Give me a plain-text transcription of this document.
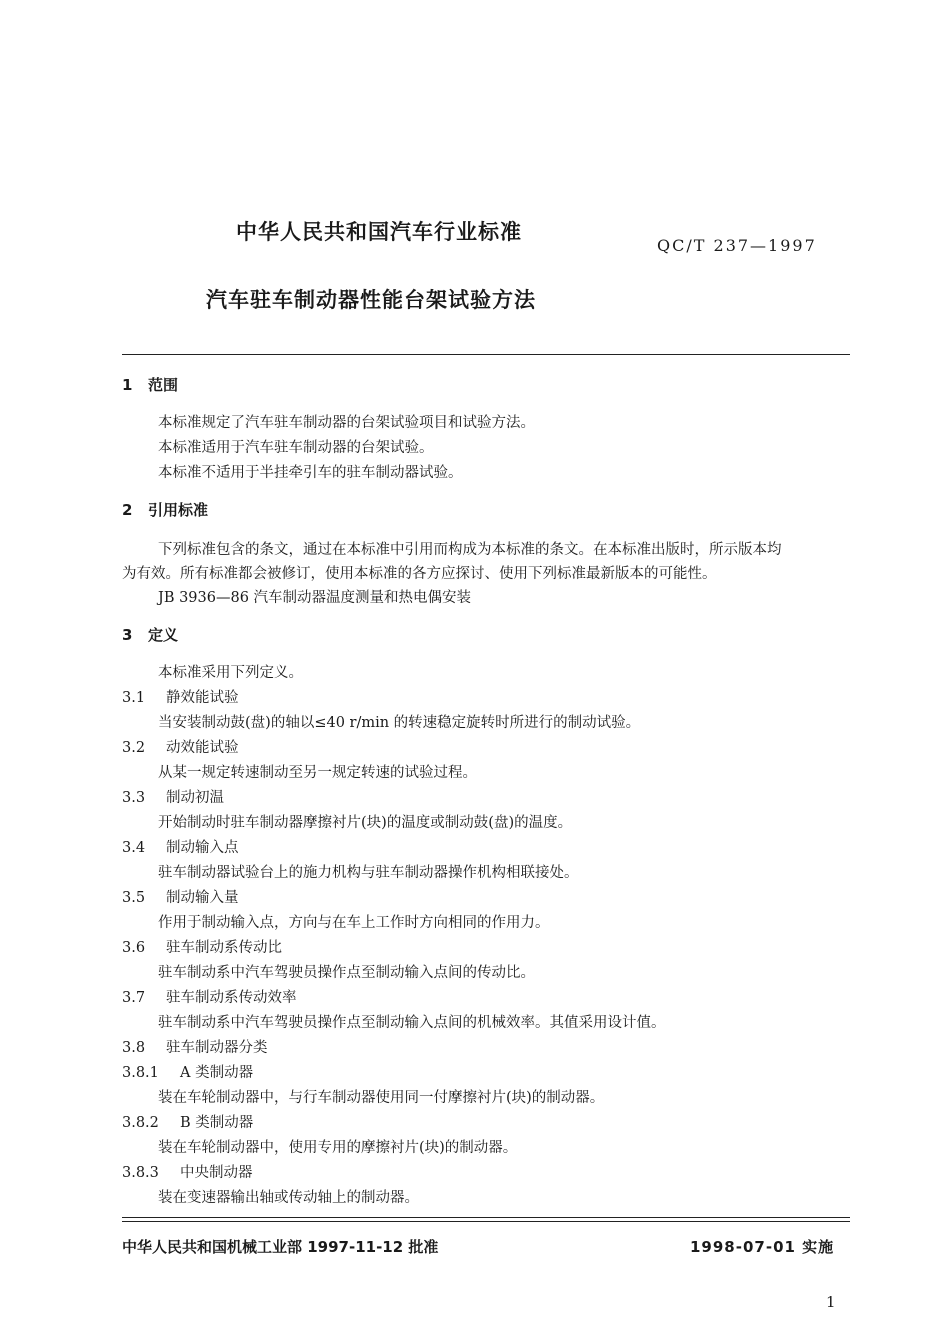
中华人民共和国汽车行业标准
QC/T 237—1997
汽车驻车制动器性能台架试验方法
1 范围
本标准规定了汽车驻车制动器的台架试验项目和试验方法。
本标准适用于汽车驻车制动器的台架试验。
本标准不适用于半挂牵引车的驻车制动器试验。
2 引用标准
下列标准包含的条文，通过在本标准中引用而构成为本标准的条文。在本标准出版时，所示版本均
为有效。所有标准都会被修订，使用本标准的各方应探讨、使用下列标准最新版本的可能性。
JB 3936—86 汽车制动器温度测量和热电偶安装
3 定义
本标准采用下列定义。
3.1 静效能试验
当安装制动鼓(盘)的轴以≤40 r/min 的转速稳定旋转时所进行的制动试验。
3.2 动效能试验
从某一规定转速制动至另一规定转速的试验过程。
3.3 制动初温
开始制动时驻车制动器摩擦衬片(块)的温度或制动鼓(盘)的温度。
3.4 制动输入点
驻车制动器试验台上的施力机构与驻车制动器操作机构相联接处。
3.5 制动输入量
作用于制动输入点，方向与在车上工作时方向相同的作用力。
3.6 驻车制动系传动比
驻车制动系中汽车驾驶员操作点至制动输入点间的传动比。
3.7 驻车制动系传动效率
驻车制动系中汽车驾驶员操作点至制动输入点间的机械效率。其值采用设计值。
3.8 驻车制动器分类
3.8.1 A 类制动器
装在车轮制动器中，与行车制动器使用同一付摩擦衬片(块)的制动器。
3.8.2 B 类制动器
装在车轮制动器中，使用专用的摩擦衬片(块)的制动器。
3.8.3 中央制动器
装在变速器输出轴或传动轴上的制动器。
中华人民共和国机械工业部 1997-11-12 批准	1998-07-01 实施
1
